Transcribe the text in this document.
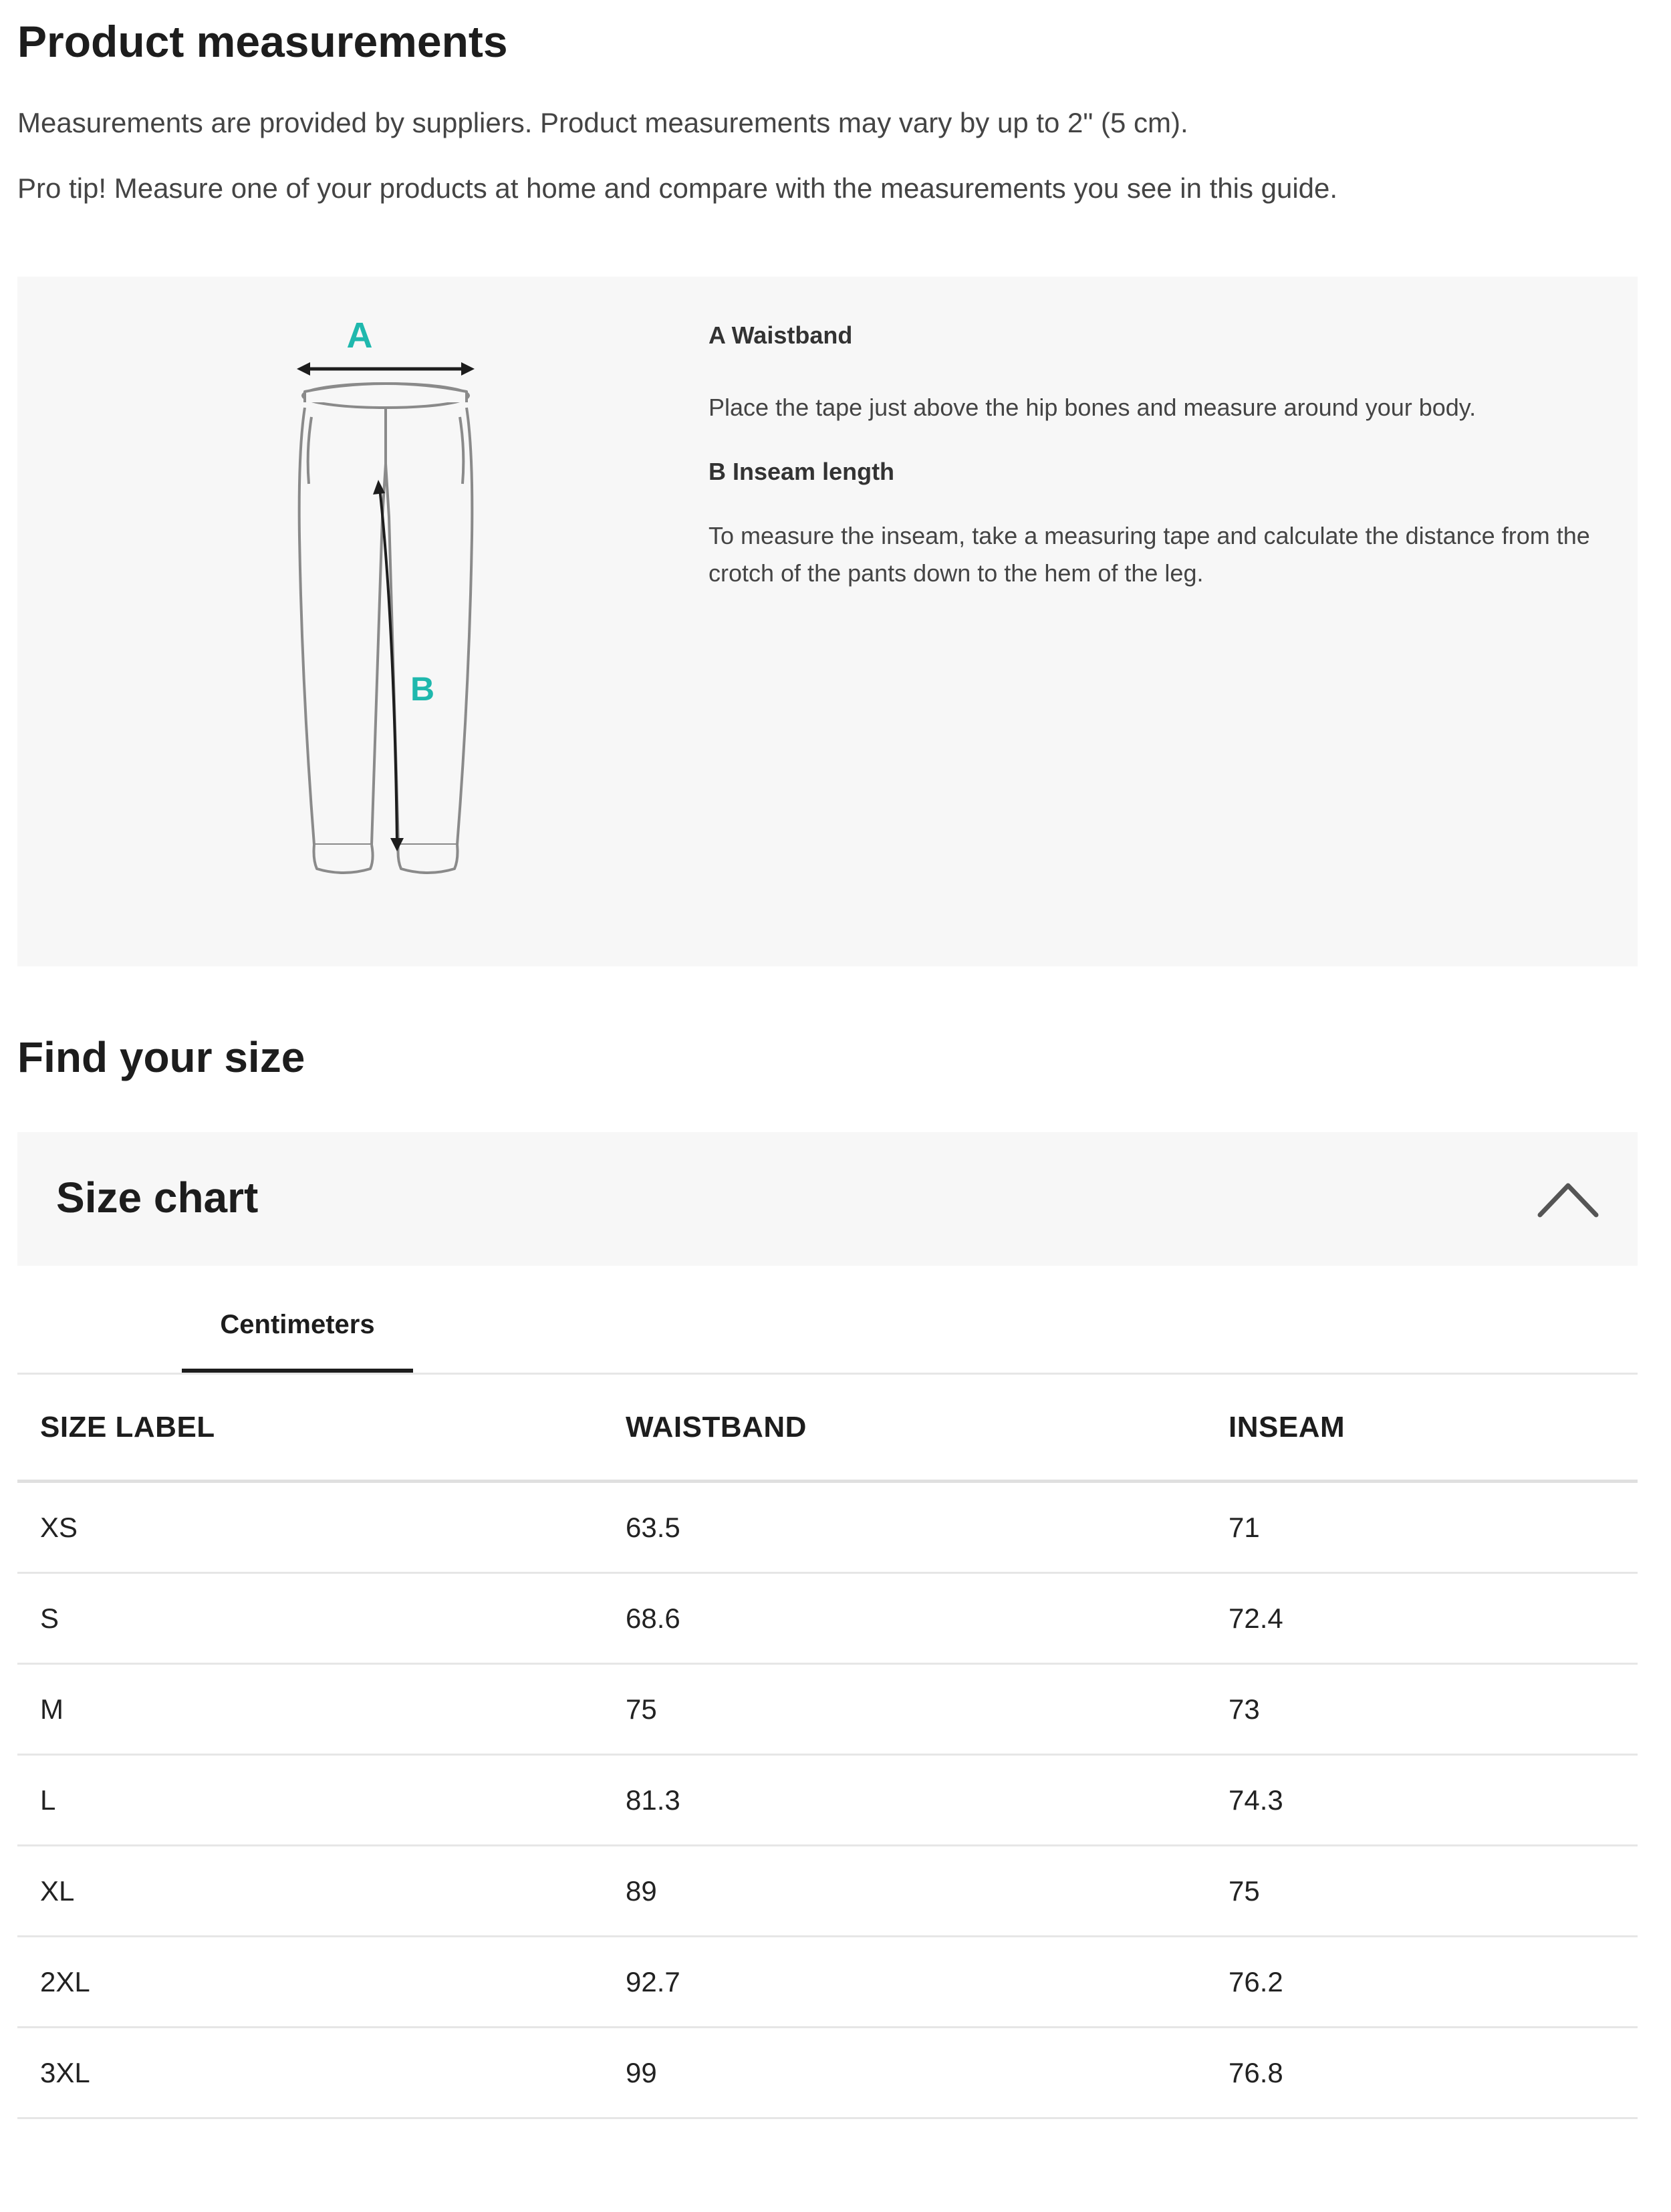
Product measurements

Measurements are provided by suppliers. Product measurements may vary by up to 2" (5 cm).

Pro tip! Measure one of your products at home and compare with the measurements you see in this guide.

A
B

A Waistband

Place the tape just above the hip bones and measure around your body.

B Inseam length

To measure the inseam, take a measuring tape and calculate the distance from the crotch of the pants down to the hem of the leg.

Find your size
Size chart
Centimeters
SIZE LABEL	WAISTBAND	INSEAM
XS	63.5	71
S	68.6	72.4
M	75	73
L	81.3	74.3
XL	89	75
2XL	92.7	76.2
3XL	99	76.8
